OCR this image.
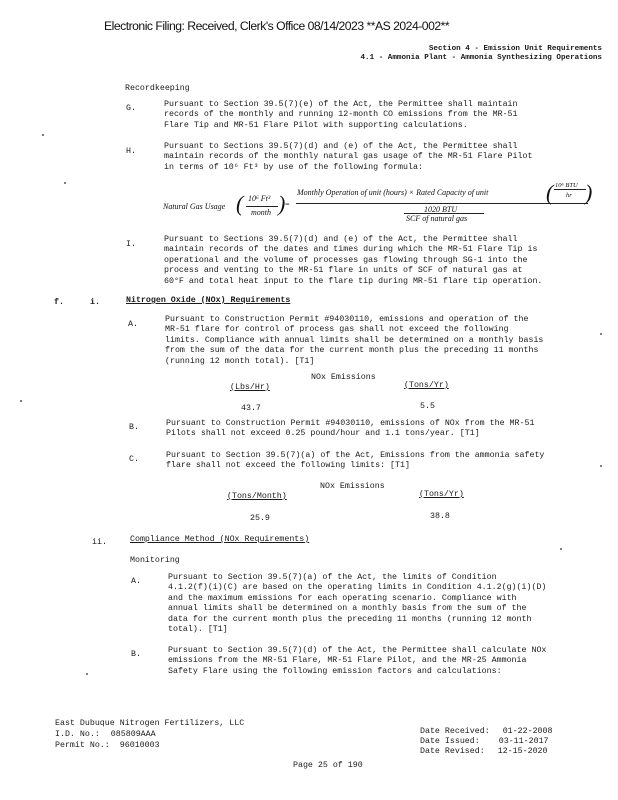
Electronic Filing: Received, Clerk's Office 08/14/2023 **AS 2024-002**
Section 4 - Emission Unit Requirements
4.1 - Ammonia Plant - Ammonia Synthesizing Operations
Recordkeeping
G.	Pursuant to Section 39.5(7)(e) of the Act, the Permittee shall maintain
records of the monthly and running 12-month CO emissions from the MR-51
Flare Tip and MR-51 Flare Pilot with supporting calculations.
H.
Pursuant to Sections 39.5(7)(d) and (e) of the Act, the Permittee shall
maintain records of the monthly natural gas usage of the MR-51 Flare Pilot
in terms of 10⁶ Ft³ by use of the following formula:
Natural Gas Usage ( 10⁶ Ft³
month ) =
Monthly Operation of unit (hours) × Rated Capacity of unit	( 10⁶ BTU
hr )
1020 BTU
SCF of natural gas
I.
Pursuant to Sections 39.5(7)(d) and (e) of the Act, the Permittee shall
maintain records of the dates and times during which the MR-51 Flare Tip is
operational and the volume of processes gas flowing through SG-1 into the
process and venting to the MR-51 flare in units of SCF of natural gas at
60°F and total heat input to the flare tip during MR-51 flare tip operation.
f.	i.	Nitrogen Oxide (NOx) Requirements
A.
Pursuant to Construction Permit #94030110, emissions and operation of the
MR-51 flare for control of process gas shall not exceed the following
limits. Compliance with annual limits shall be determined on a monthly basis
from the sum of the data for the current month plus the preceding 11 months
(running 12 month total). [T1]
NOx Emissions
(Lbs/Hr)	(Tons/Yr)
43.7	5.5
B.	Pursuant to Construction Permit #94030110, emissions of NOx from the MR-51
Pilots shall not exceed 0.25 pound/hour and 1.1 tons/year. [T1]
C.	Pursuant to Section 39.5(7)(a) of the Act, Emissions from the ammonia safety
flare shall not exceed the following limits: [T1]
NOx Emissions
(Tons/Month)	(Tons/Yr)
25.9	38.8
ii.	Compliance Method (NOx Requirements)
Monitoring
A.	Pursuant to Section 39.5(7)(a) of the Act, the limits of Condition
4.1.2(f)(i)(C) are based on the operating limits in Condition 4.1.2(g)(i)(D)
and the maximum emissions for each operating scenario. Compliance with
annual limits shall be determined on a monthly basis from the sum of the
data for the current month plus the preceding 11 months (running 12 month
total). [T1]
B.	Pursuant to Section 39.5(7)(d) of the Act, the Permittee shall calculate NOx
emissions from the MR-51 Flare, MR-51 Flare Pilot, and the MR-25 Ammonia
Safety Flare using the following emission factors and calculations:
East Dubuque Nitrogen Fertilizers, LLC
I.D. No.: 085809AAA
Permit No.: 96010003
Date Received: 01-22-2008
Date Issued: 03-11-2017
Date Revised: 12-15-2020
Page 25 of 190
